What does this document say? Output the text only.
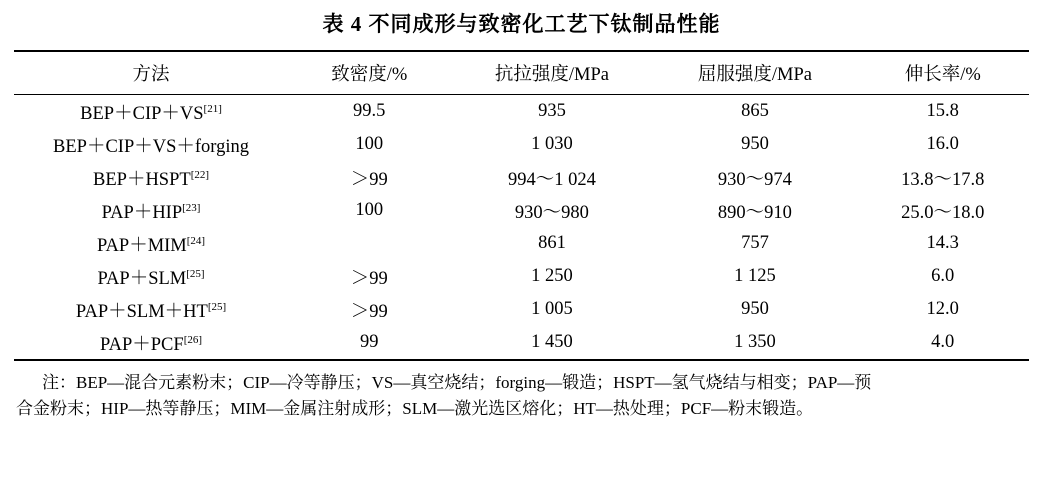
表 4 不同成形与致密化工艺下钛制品性能
方法	致密度/%	抗拉强度/MPa	屈服强度/MPa	伸长率/%
BEP＋CIP＋VS[21]	99.5	935	865	15.8
BEP＋CIP＋VS＋forging	100	1 030	950	16.0
BEP＋HSPT[22]	＞99	994～1 024	930～974	13.8～17.8
PAP＋HIP[23]	100	930～980	890～910	25.0～18.0
PAP＋MIM[24]		861	757	14.3
PAP＋SLM[25]	＞99	1 250	1 125	6.0
PAP＋SLM＋HT[25]	＞99	1 005	950	12.0
PAP＋PCF[26]	99	1 450	1 350	4.0
注：BEP—混合元素粉末；CIP—冷等静压；VS—真空烧结；forging—锻造；HSPT—氢气烧结与相变；PAP—预
合金粉末；HIP—热等静压；MIM—金属注射成形；SLM—激光选区熔化；HT—热处理；PCF—粉末锻造。
